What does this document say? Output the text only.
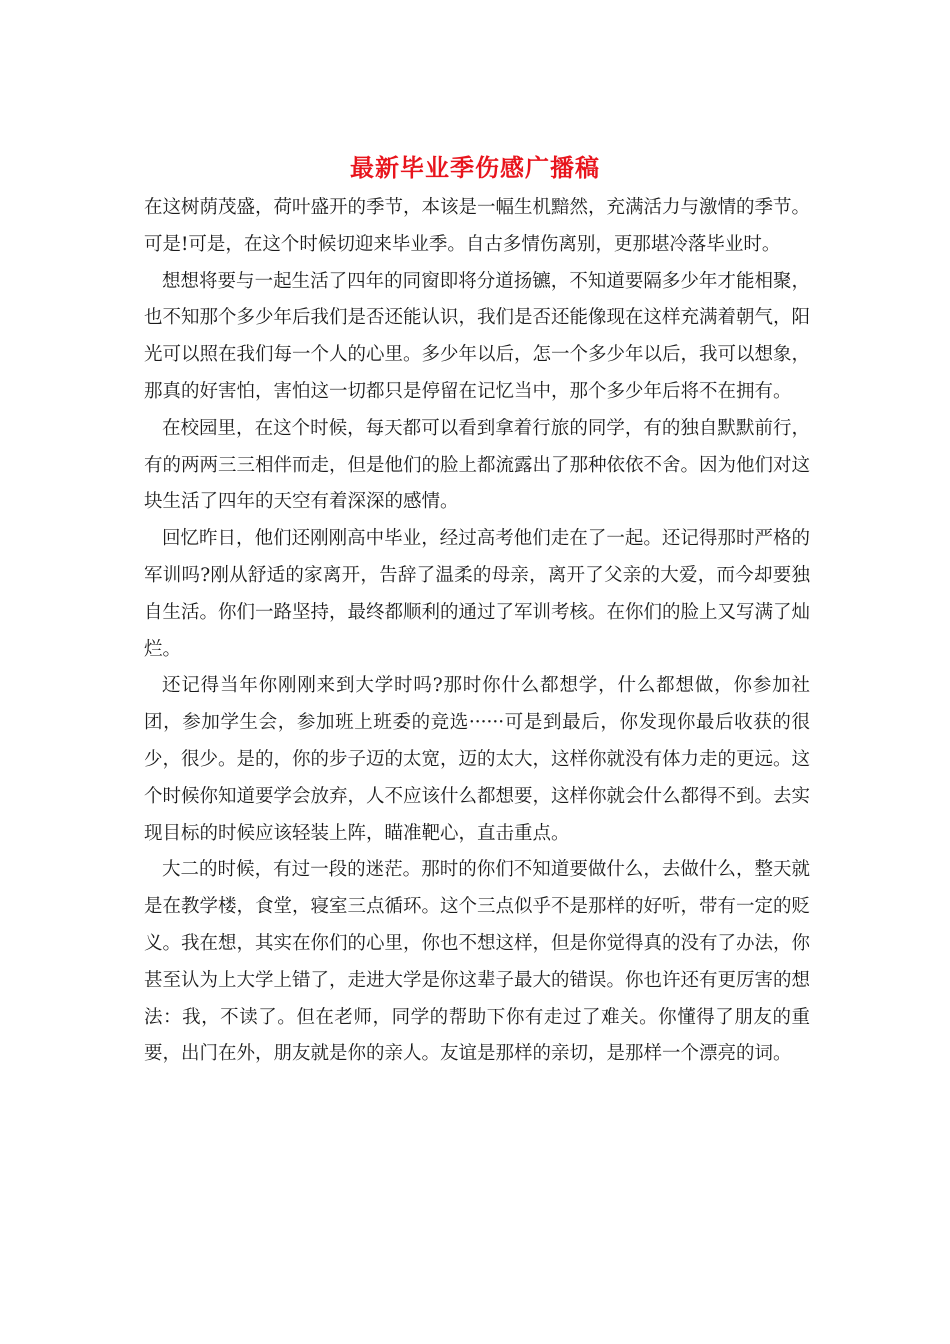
最新毕业季伤感广播稿

在这树荫茂盛，荷叶盛开的季节，本该是一幅生机黯然，充满活力与激情的季节。可是!可是，在这个时候切迎来毕业季。自古多情伤离别，更那堪冷落毕业时。

想想将要与一起生活了四年的同窗即将分道扬镳，不知道要隔多少年才能相聚，也不知那个多少年后我们是否还能认识，我们是否还能像现在这样充满着朝气，阳光可以照在我们每一个人的心里。多少年以后，怎一个多少年以后，我可以想象，那真的好害怕，害怕这一切都只是停留在记忆当中，那个多少年后将不在拥有。

在校园里，在这个时候，每天都可以看到拿着行旅的同学，有的独自默默前行，有的两两三三相伴而走，但是他们的脸上都流露出了那种依依不舍。因为他们对这块生活了四年的天空有着深深的感情。

回忆昨日，他们还刚刚高中毕业，经过高考他们走在了一起。还记得那时严格的军训吗?刚从舒适的家离开，告辞了温柔的母亲，离开了父亲的大爱，而今却要独自生活。你们一路坚持，最终都顺利的通过了军训考核。在你们的脸上又写满了灿烂。

还记得当年你刚刚来到大学时吗?那时你什么都想学，什么都想做，你参加社团，参加学生会，参加班上班委的竞选······可是到最后，你发现你最后收获的很少，很少。是的，你的步子迈的太宽，迈的太大，这样你就没有体力走的更远。这个时候你知道要学会放弃，人不应该什么都想要，这样你就会什么都得不到。去实现目标的时候应该轻装上阵，瞄准靶心，直击重点。

大二的时候，有过一段的迷茫。那时的你们不知道要做什么，去做什么，整天就是在教学楼，食堂，寝室三点循环。这个三点似乎不是那样的好听，带有一定的贬义。我在想，其实在你们的心里，你也不想这样，但是你觉得真的没有了办法，你甚至认为上大学上错了，走进大学是你这辈子最大的错误。你也许还有更厉害的想法：我，不读了。但在老师，同学的帮助下你有走过了难关。你懂得了朋友的重要，出门在外，朋友就是你的亲人。友谊是那样的亲切，是那样一个漂亮的词。
